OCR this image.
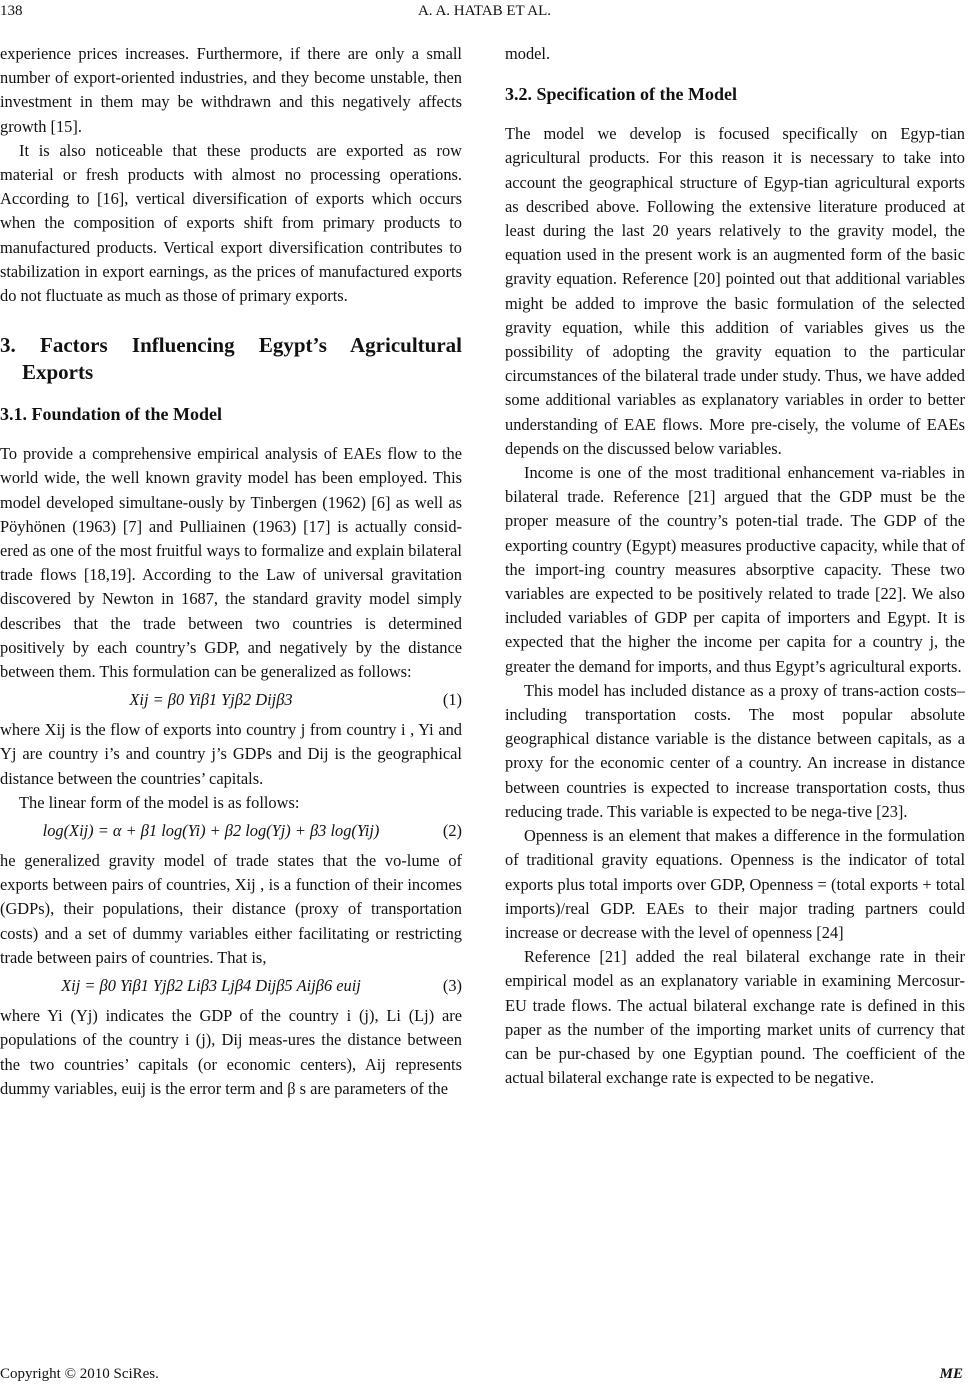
138	A. A. HATAB ET AL.

experience prices increases. Furthermore, if there are only a small number of export-oriented industries, and they become unstable, then investment in them may be withdrawn and this negatively affects growth [15].

It is also noticeable that these products are exported as row material or fresh products with almost no processing operations. According to [16], vertical diversification of exports which occurs when the composition of exports shift from primary products to manufactured products. Vertical export diversification contributes to stabilization in export earnings, as the prices of manufactured exports do not fluctuate as much as those of primary exports.

3. Factors Influencing Egypt’s Agricultural Exports
3.1. Foundation of the Model

To provide a comprehensive empirical analysis of EAEs flow to the world wide, the well known gravity model has been employed. This model developed simultane-ously by Tinbergen (1962) [6] as well as Pöyhönen (1963) [7] and Pulliainen (1963) [17] is actually consid-ered as one of the most fruitful ways to formalize and explain bilateral trade flows [18,19]. According to the Law of universal gravitation discovered by Newton in 1687, the standard gravity model simply describes that the trade between two countries is determined positively by each country’s GDP, and negatively by the distance between them. This formulation can be generalized as follows:

Xij = β0 Yiβ1 Yjβ2 Dijβ3	(1)

where Xij is the flow of exports into country j from country i , Yi and Yj are country i’s and country j’s GDPs and Dij is the geographical distance between the countries’ capitals.

The linear form of the model is as follows:

log(Xij) = α + β1 log(Yi) + β2 log(Yj) + β3 log(Yij)	(2)

he generalized gravity model of trade states that the vo-lume of exports between pairs of countries, Xij , is a function of their incomes (GDPs), their populations, their distance (proxy of transportation costs) and a set of dummy variables either facilitating or restricting trade between pairs of countries. That is,

Xij = β0 Yiβ1 Yjβ2 Liβ3 Ljβ4 Dijβ5 Aijβ6 euij	(3)

where Yi (Yj) indicates the GDP of the country i (j), Li (Lj) are populations of the country i (j), Dij meas-ures the distance between the two countries’ capitals (or economic centers), Aij represents dummy variables, euij is the error term and β s are parameters of the

model.

3.2. Specification of the Model

The model we develop is focused specifically on Egyp-tian agricultural products. For this reason it is necessary to take into account the geographical structure of Egyp-tian agricultural exports as described above. Following the extensive literature produced at least during the last 20 years relatively to the gravity model, the equation used in the present work is an augmented form of the basic gravity equation. Reference [20] pointed out that additional variables might be added to improve the basic formulation of the selected gravity equation, while this addition of variables gives us the possibility of adopting the gravity equation to the particular circumstances of the bilateral trade under study. Thus, we have added some additional variables as explanatory variables in order to better understanding of EAE flows. More pre-cisely, the volume of EAEs depends on the discussed below variables.

Income is one of the most traditional enhancement va-riables in bilateral trade. Reference [21] argued that the GDP must be the proper measure of the country’s poten-tial trade. The GDP of the exporting country (Egypt) measures productive capacity, while that of the import-ing country measures absorptive capacity. These two variables are expected to be positively related to trade [22]. We also included variables of GDP per capita of importers and Egypt. It is expected that the higher the income per capita for a country j, the greater the demand for imports, and thus Egypt’s agricultural exports.

This model has included distance as a proxy of trans-action costs–including transportation costs. The most popular absolute geographical distance variable is the distance between capitals, as a proxy for the economic center of a country. An increase in distance between countries is expected to increase transportation costs, thus reducing trade. This variable is expected to be nega-tive [23].

Openness is an element that makes a difference in the formulation of traditional gravity equations. Openness is the indicator of total exports plus total imports over GDP, Openness = (total exports + total imports)/real GDP. EAEs to their major trading partners could increase or decrease with the level of openness [24]

Reference [21] added the real bilateral exchange rate in their empirical model as an explanatory variable in examining Mercosur-EU trade flows. The actual bilateral exchange rate is defined in this paper as the number of the importing market units of currency that can be pur-chased by one Egyptian pound. The coefficient of the actual bilateral exchange rate is expected to be negative.

Copyright © 2010 SciRes.	ME
